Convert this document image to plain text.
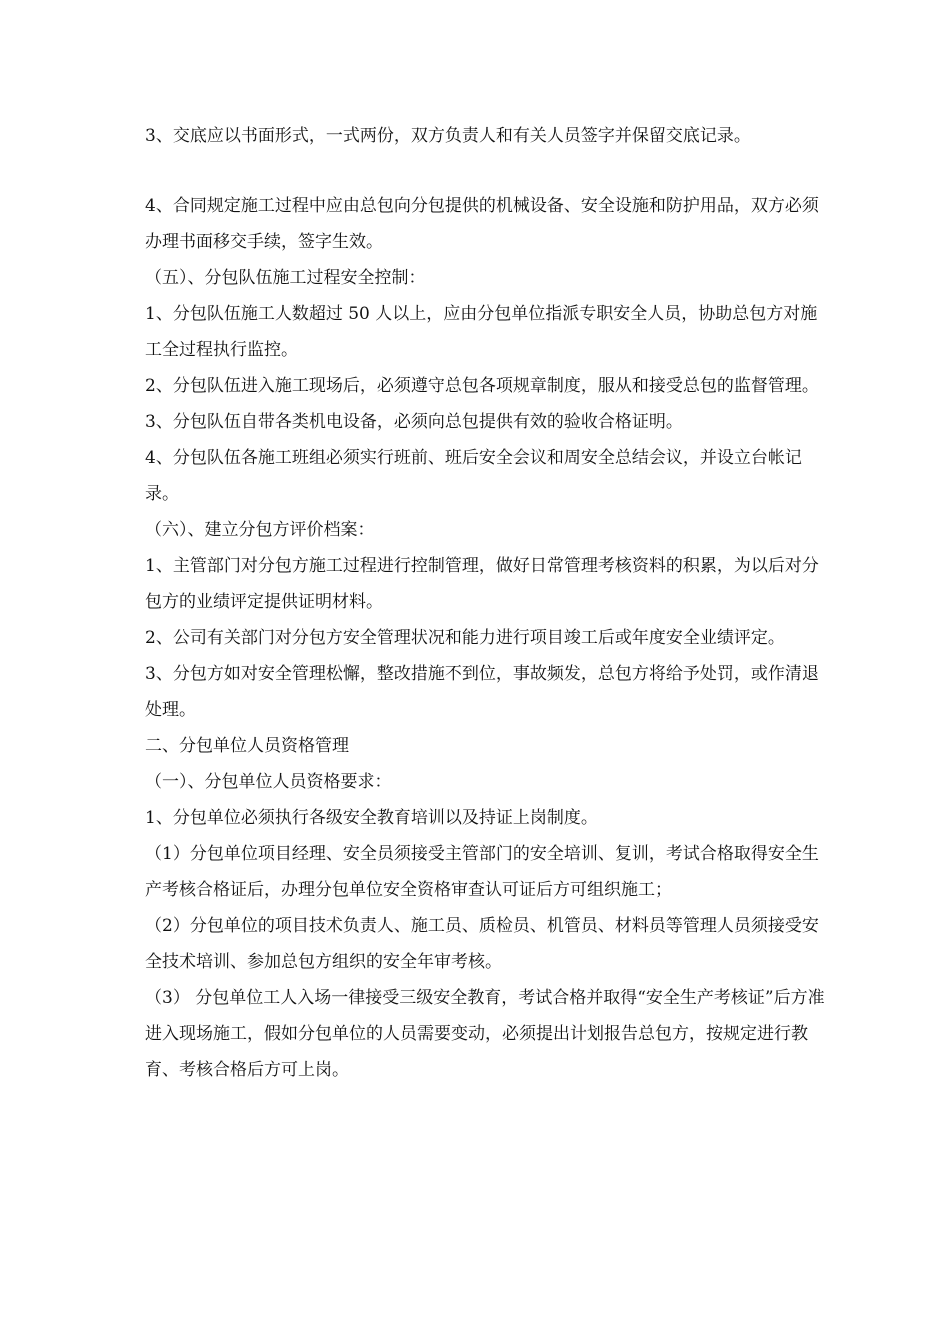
3、交底应以书面形式，一式两份，双方负责人和有关人员签字并保留交底记录。

4、合同规定施工过程中应由总包向分包提供的机械设备、安全设施和防护用品，双方必须办理书面移交手续，签字生效。

（五）、分包队伍施工过程安全控制：

1、分包队伍施工人数超过 50 人以上，应由分包单位指派专职安全人员，协助总包方对施工全过程执行监控。

2、分包队伍进入施工现场后，必须遵守总包各项规章制度，服从和接受总包的监督管理。

3、分包队伍自带各类机电设备，必须向总包提供有效的验收合格证明。

4、分包队伍各施工班组必须实行班前、班后安全会议和周安全总结会议，并设立台帐记录。

（六）、建立分包方评价档案：

1、主管部门对分包方施工过程进行控制管理，做好日常管理考核资料的积累，为以后对分包方的业绩评定提供证明材料。

2、公司有关部门对分包方安全管理状况和能力进行项目竣工后或年度安全业绩评定。

3、分包方如对安全管理松懈，整改措施不到位，事故频发，总包方将给予处罚，或作清退处理。

二、分包单位人员资格管理

（一）、分包单位人员资格要求：

1、分包单位必须执行各级安全教育培训以及持证上岗制度。

（1）分包单位项目经理、安全员须接受主管部门的安全培训、复训，考试合格取得安全生产考核合格证后，办理分包单位安全资格审查认可证后方可组织施工；

（2）分包单位的项目技术负责人、施工员、质检员、机管员、材料员等管理人员须接受安全技术培训、参加总包方组织的安全年审考核。

（3） 分包单位工人入场一律接受三级安全教育，考试合格并取得“安全生产考核证”后方准进入现场施工，假如分包单位的人员需要变动，必须提出计划报告总包方，按规定进行教育、考核合格后方可上岗。
